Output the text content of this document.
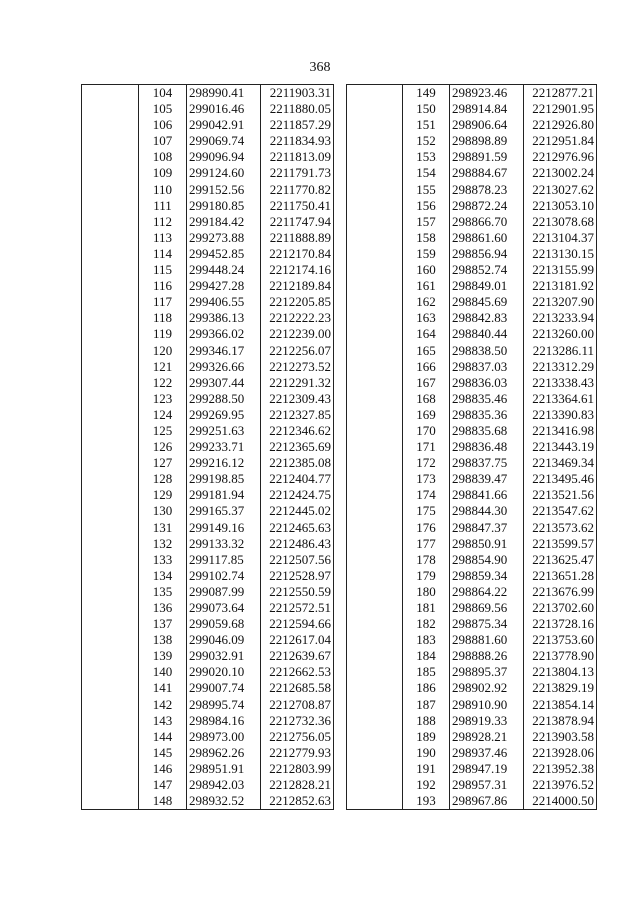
368
	104	298990.41	2211903.31			149	298923.46	2212877.21
	105	299016.46	2211880.05			150	298914.84	2212901.95
	106	299042.91	2211857.29			151	298906.64	2212926.80
	107	299069.74	2211834.93			152	298898.89	2212951.84
	108	299096.94	2211813.09			153	298891.59	2212976.96
	109	299124.60	2211791.73			154	298884.67	2213002.24
	110	299152.56	2211770.82			155	298878.23	2213027.62
	111	299180.85	2211750.41			156	298872.24	2213053.10
	112	299184.42	2211747.94			157	298866.70	2213078.68
	113	299273.88	2211888.89			158	298861.60	2213104.37
	114	299452.85	2212170.84			159	298856.94	2213130.15
	115	299448.24	2212174.16			160	298852.74	2213155.99
	116	299427.28	2212189.84			161	298849.01	2213181.92
	117	299406.55	2212205.85			162	298845.69	2213207.90
	118	299386.13	2212222.23			163	298842.83	2213233.94
	119	299366.02	2212239.00			164	298840.44	2213260.00
	120	299346.17	2212256.07			165	298838.50	2213286.11
	121	299326.66	2212273.52			166	298837.03	2213312.29
	122	299307.44	2212291.32			167	298836.03	2213338.43
	123	299288.50	2212309.43			168	298835.46	2213364.61
	124	299269.95	2212327.85			169	298835.36	2213390.83
	125	299251.63	2212346.62			170	298835.68	2213416.98
	126	299233.71	2212365.69			171	298836.48	2213443.19
	127	299216.12	2212385.08			172	298837.75	2213469.34
	128	299198.85	2212404.77			173	298839.47	2213495.46
	129	299181.94	2212424.75			174	298841.66	2213521.56
	130	299165.37	2212445.02			175	298844.30	2213547.62
	131	299149.16	2212465.63			176	298847.37	2213573.62
	132	299133.32	2212486.43			177	298850.91	2213599.57
	133	299117.85	2212507.56			178	298854.90	2213625.47
	134	299102.74	2212528.97			179	298859.34	2213651.28
	135	299087.99	2212550.59			180	298864.22	2213676.99
	136	299073.64	2212572.51			181	298869.56	2213702.60
	137	299059.68	2212594.66			182	298875.34	2213728.16
	138	299046.09	2212617.04			183	298881.60	2213753.60
	139	299032.91	2212639.67			184	298888.26	2213778.90
	140	299020.10	2212662.53			185	298895.37	2213804.13
	141	299007.74	2212685.58			186	298902.92	2213829.19
	142	298995.74	2212708.87			187	298910.90	2213854.14
	143	298984.16	2212732.36			188	298919.33	2213878.94
	144	298973.00	2212756.05			189	298928.21	2213903.58
	145	298962.26	2212779.93			190	298937.46	2213928.06
	146	298951.91	2212803.99			191	298947.19	2213952.38
	147	298942.03	2212828.21			192	298957.31	2213976.52
	148	298932.52	2212852.63			193	298967.86	2214000.50
